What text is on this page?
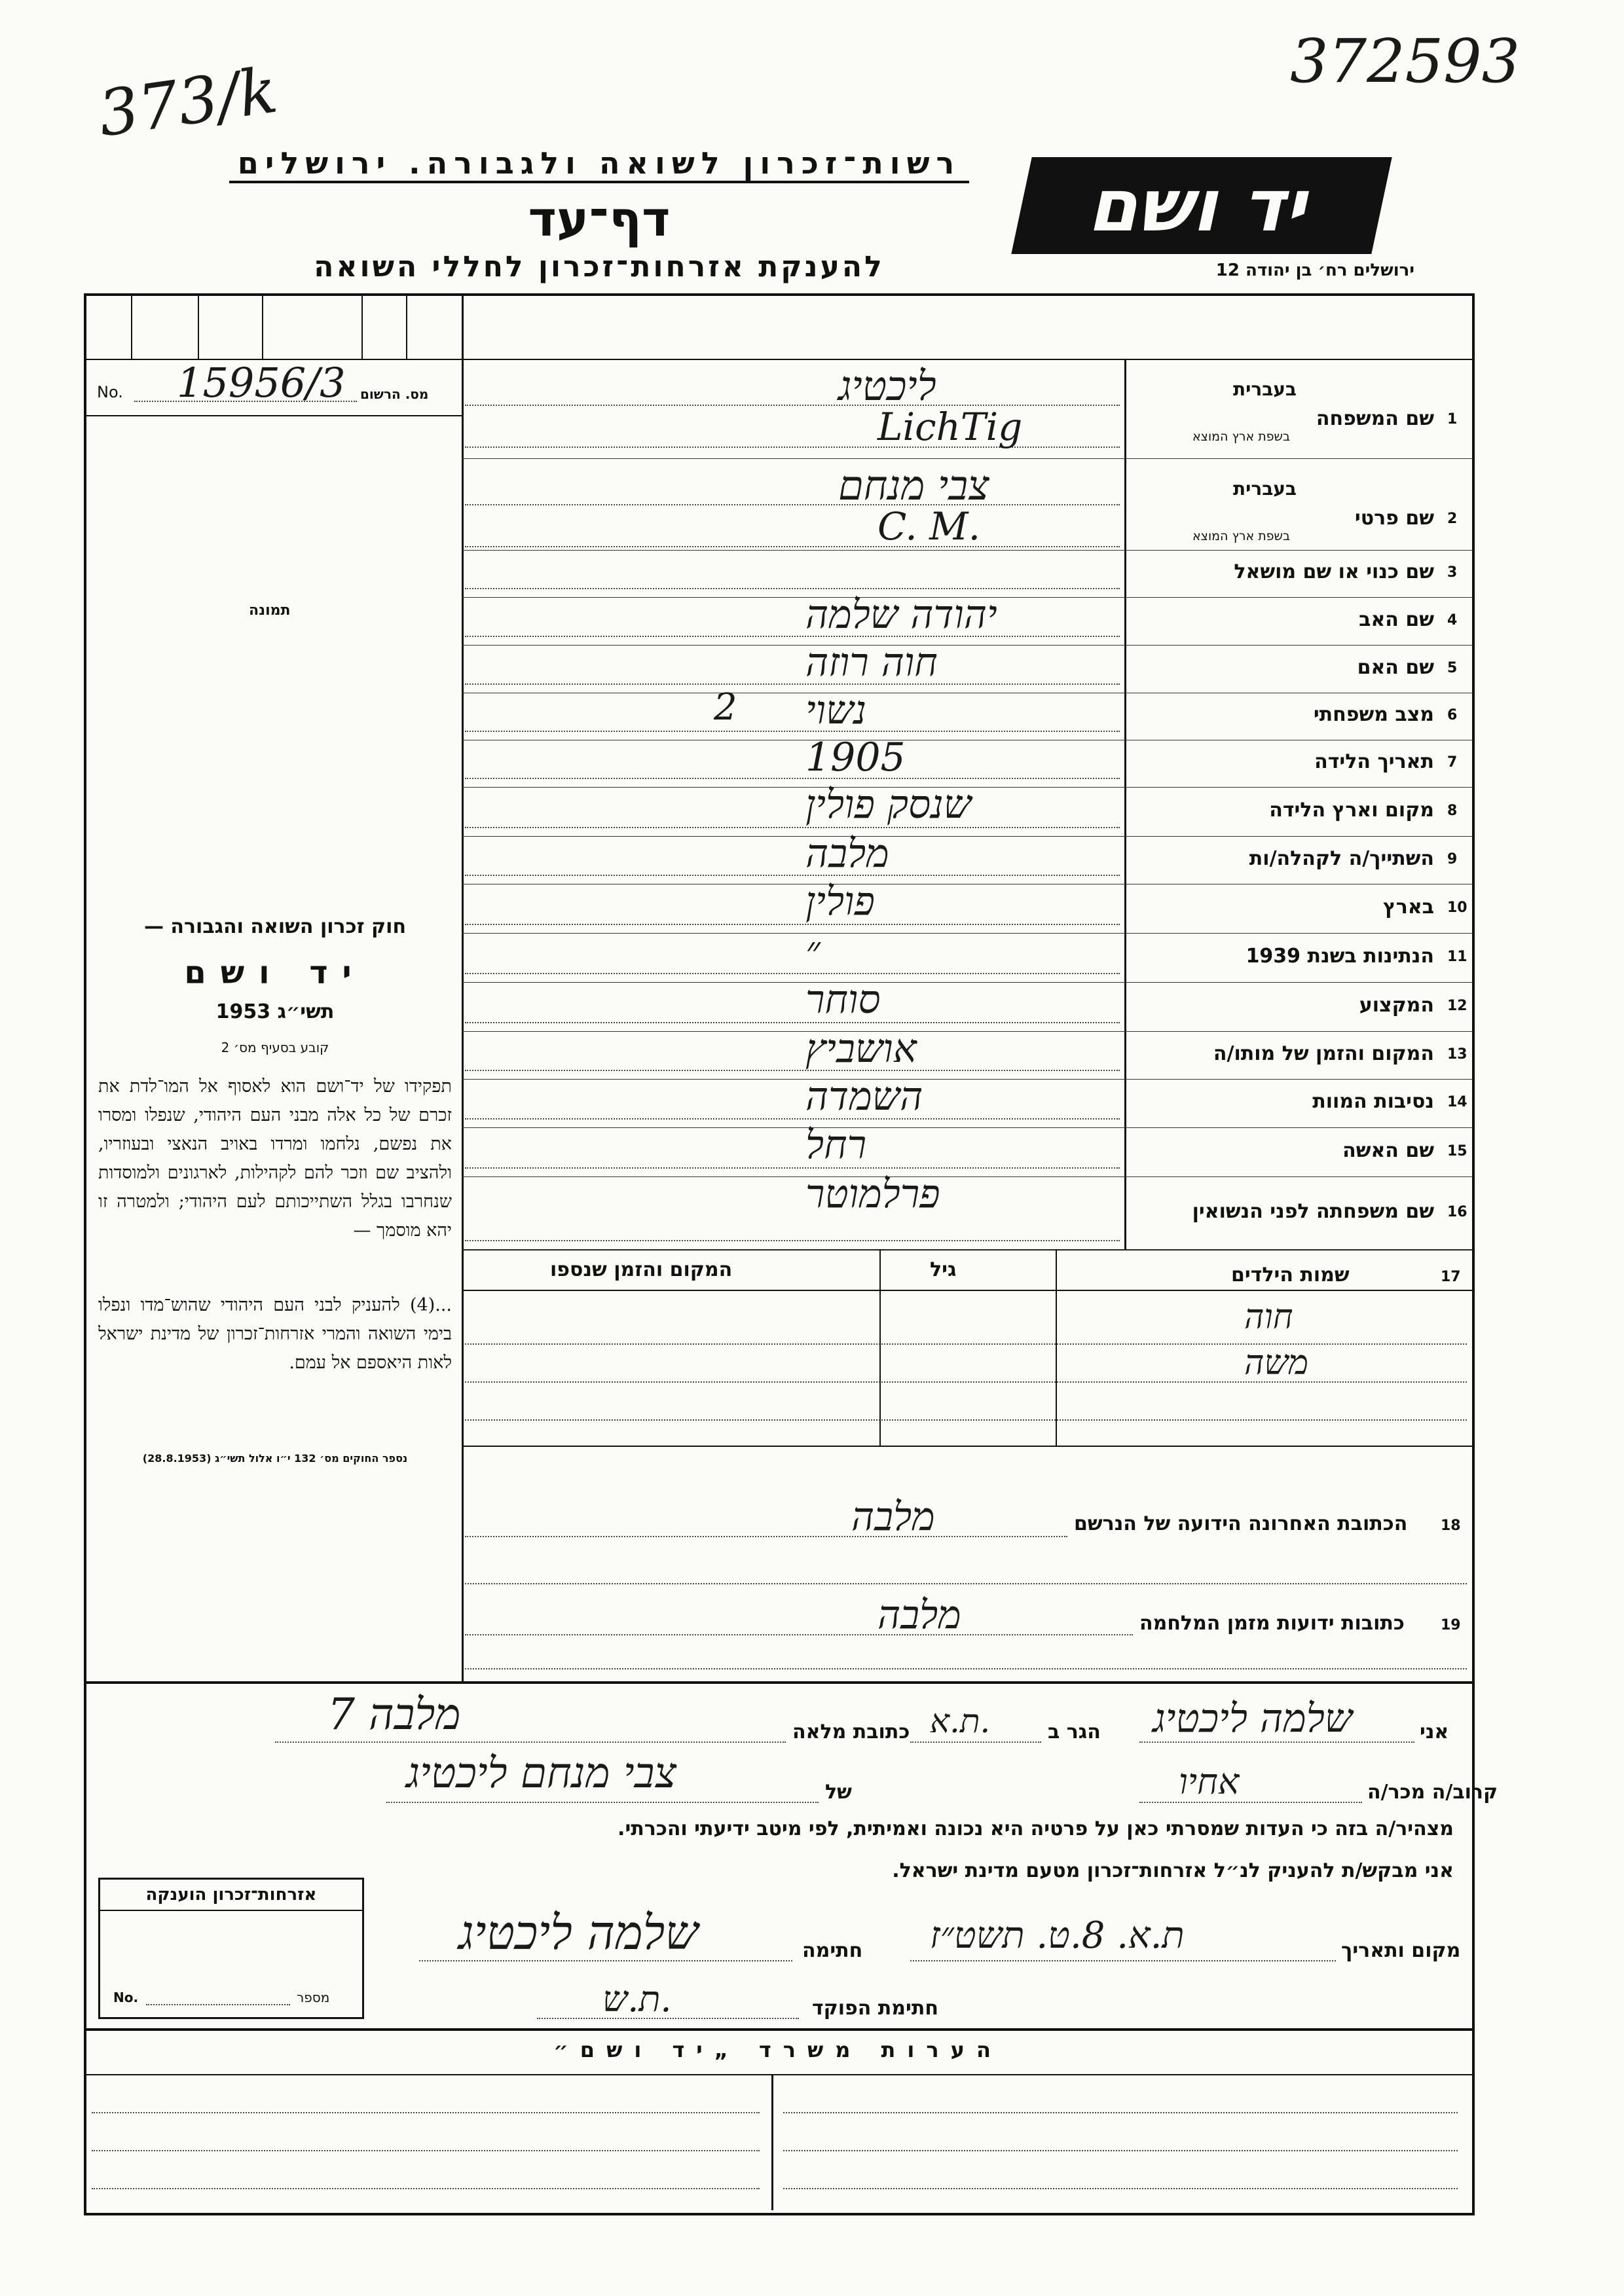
373/k	372593
רשות־זכרון לשואה ולגבורה. ירושלים
דף־עד
להענקת אזרחות־זכרון לחללי השואה
יד ושם
ירושלים רח׳ בן יהודה 12
No. 15956/3 מס. הרשום
תמונה
חוק זכרון השואה והגבורה —
יד ושם
תשי״ג 1953
קובע בסעיף מס׳ 2
תפקידו של יד־ושם הוא לאסוף אל המו־לדת את זכרם של כל אלה מבני העם היהודי, שנפלו ומסרו את נפשם, נלחמו ומרדו באויב הנאצי ובעוזריו, ולהציב שם וזכר להם לקהילות, לארגונים ולמוסדות שנחרבו בגלל השתייכותם לעם היהודי; ולמטרה זו יהא מוסמך —
...(4) להעניק לבני העם היהודי שהוש־מדו ונפלו בימי השואה והמרי אזרחות־זכרון של מדינת ישראל לאות היאספם אל עמם.
נספר החוקים מס׳ 132 י״ו אלול תשי״ג (28.8.1953)
1
שם המשפחה
בעברית
בשפת ארץ המוצא
ליכטיג
LichTig
2
שם פרטי
בעברית
בשפת ארץ המוצא
צבי מנחם
C. M.
3
שם כנוי או שם מושאל
4
שם האב
יהודה שלמה
5
שם האם
חוה רוזה
6
מצב משפחתי
נשוי
2
7
תאריך הלידה
1905
8
מקום וארץ הלידה
שנסק פולין
9
השתייך/ה לקהלה/ות
מלבה
10
בארץ
פולין
11
הנתינות בשנת 1939
״
12
המקצוע
סוחר
13
המקום והזמן של מותו/ה
אושביץ
14
נסיבות המוות
השמדה
15
שם האשה
רחל
16
שם משפחתה לפני הנשואין
פרלמוטר
17
שמות הילדים
גיל
המקום והזמן שנספו
חוה
משה
18
הכתובת האחרונה הידועה של הנרשם
מלבה
19
כתובות ידועות מזמן המלחמה
מלבה
אני
שלמה ליכטיג
הגר ב
ת.א.
כתובת מלאה
מלבה 7
קרוב/ה מכר/ה
אחיו
של
צבי מנחם ליכטיג
מצהיר/ה בזה כי העדות שמסרתי כאן על פרטיה היא נכונה ואמיתית, לפי מיטב ידיעתי והכרתי.
אני מבקש/ת להעניק לנ״ל אזרחות־זכרון מטעם מדינת ישראל.
מקום ותאריך
ת.א. 8.ט. תשט״ז
חתימה
שלמה ליכטיג
חתימת הפוקד
ת.ש.
אזרחות־זכרון הוענקה
No.	מספר
הערות משרד „יד ושם״
